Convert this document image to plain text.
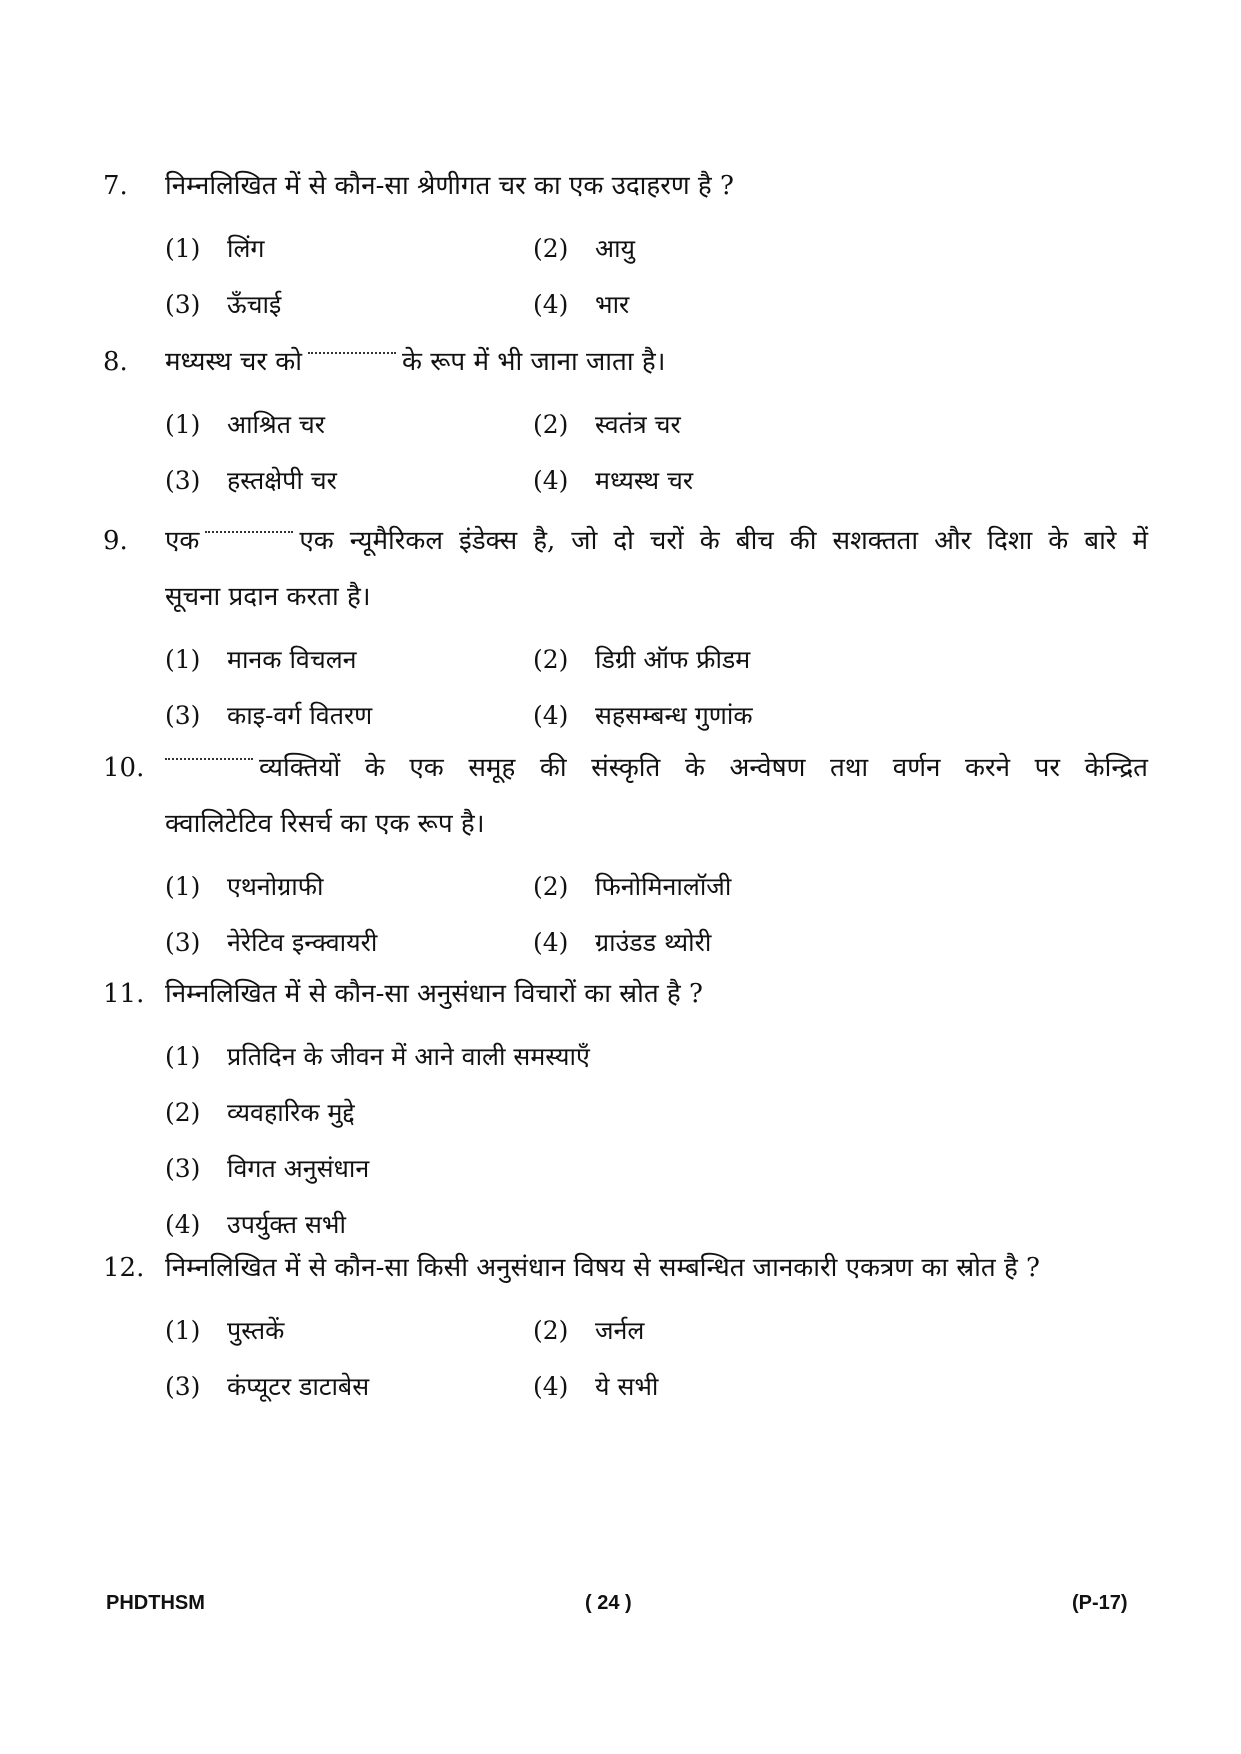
7.	निम्नलिखित में से कौन-सा श्रेणीगत चर का एक उदाहरण है ?
(1)	लिंग	(2)	आयु
(3)	ऊँचाई	(4)	भार
8.	मध्यस्थ चर को	के रूप में भी जाना जाता है।
(1)	आश्रित चर	(2)	स्वतंत्र चर
(3)	हस्तक्षेपी चर	(4)	मध्यस्थ चर
9.	एक	एक न्यूमैरिकल इंडेक्स है, जो दो चरों के बीच की सशक्तता और दिशा के बारे में
सूचना प्रदान करता है।
(1)	मानक विचलन	(2)	डिग्री ऑफ फ्रीडम
(3)	काइ-वर्ग वितरण	(4)	सहसम्बन्ध गुणांक
10.	व्यक्तियों के एक समूह की संस्कृति के अन्वेषण तथा वर्णन करने पर केन्द्रित
क्वालिटेटिव रिसर्च का एक रूप है।
(1)	एथनोग्राफी	(2)	फिनोमिनालॉजी
(3)	नेरेटिव इन्क्वायरी	(4)	ग्राउंडड थ्योरी
11. निम्नलिखित में से कौन-सा अनुसंधान विचारों का स्रोत है ?
(1)	प्रतिदिन के जीवन में आने वाली समस्याएँ
(2)	व्यवहारिक मुद्दे
(3)	विगत अनुसंधान
(4)	उपर्युक्त सभी
12. निम्नलिखित में से कौन-सा किसी अनुसंधान विषय से सम्बन्धित जानकारी एकत्रण का स्रोत है ?
(1)	पुस्तकें	(2)	जर्नल
(3)	कंप्यूटर डाटाबेस	(4)	ये सभी
PHDTHSM	( 24 )	(P-17)
